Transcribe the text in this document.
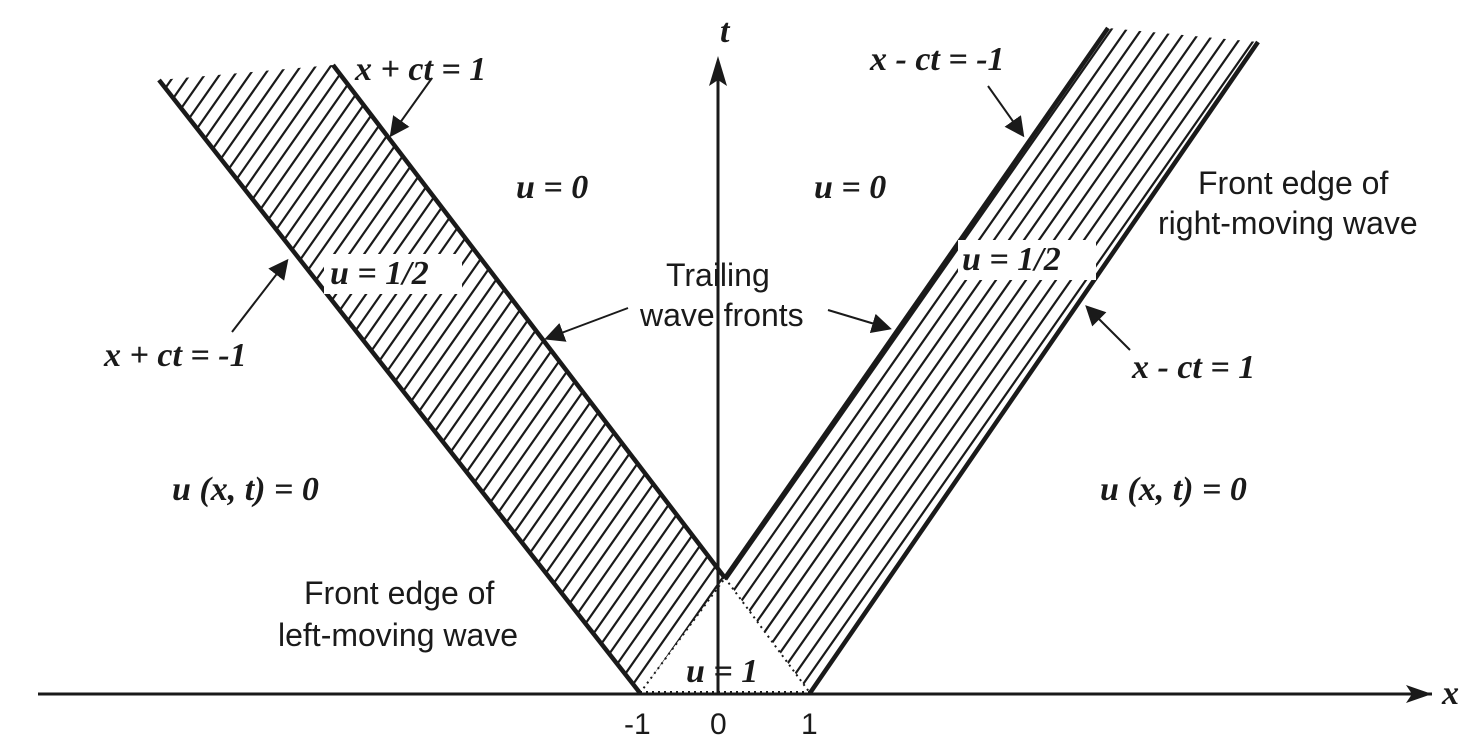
t
x
-1 0 1
x + ct = 1
x + ct = -1
x - ct = -1
x - ct = 1
u = 0	u = 0
u = 1/2	u = 1/2
u = 1
u (x, t) = 0	u (x, t) = 0
Trailing
wave fronts
Front edge of
left-moving wave
Front edge of
right-moving wave
